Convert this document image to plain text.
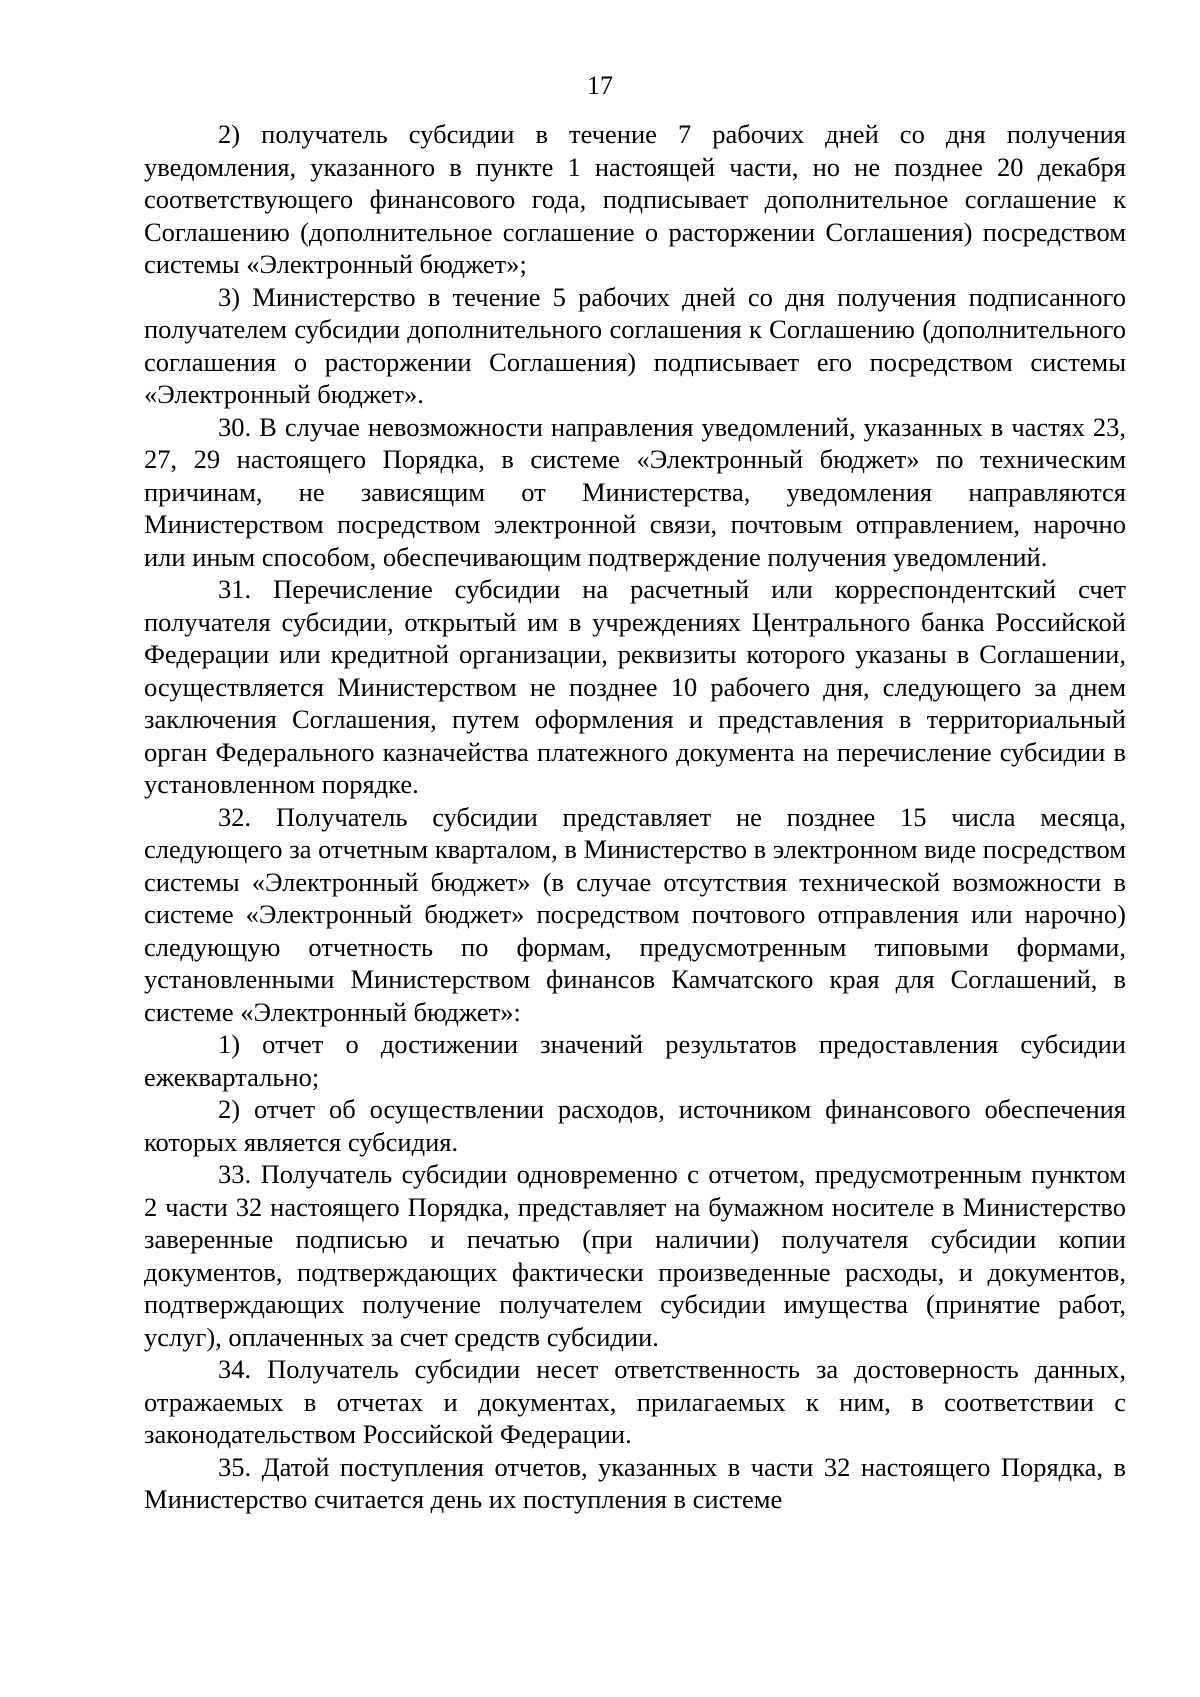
17

2) получатель субсидии в течение 7 рабочих дней со дня получения уведомления, указанного в пункте 1 настоящей части, но не позднее 20 декабря соответствующего финансового года, подписывает дополнительное соглашение к Соглашению (дополнительное соглашение о расторжении Соглашения) посредством системы «Электронный бюджет»;

3) Министерство в течение 5 рабочих дней со дня получения подписанного получателем субсидии дополнительного соглашения к Соглашению (дополнительного соглашения о расторжении Соглашения) подписывает его посредством системы «Электронный бюджет».

30. В случае невозможности направления уведомлений, указанных в частях 23, 27, 29 настоящего Порядка, в системе «Электронный бюджет» по техническим причинам, не зависящим от Министерства, уведомления направляются Министерством посредством электронной связи, почтовым отправлением, нарочно или иным способом, обеспечивающим подтверждение получения уведомлений.

31. Перечисление субсидии на расчетный или корреспондентский счет получателя субсидии, открытый им в учреждениях Центрального банка Российской Федерации или кредитной организации, реквизиты которого указаны в Соглашении, осуществляется Министерством не позднее 10 рабочего дня, следующего за днем заключения Соглашения, путем оформления и представления в территориальный орган Федерального казначейства платежного документа на перечисление субсидии в установленном порядке.

32. Получатель субсидии представляет не позднее 15 числа месяца, следующего за отчетным кварталом, в Министерство в электронном виде посредством системы «Электронный бюджет» (в случае отсутствия технической возможности в системе «Электронный бюджет» посредством почтового отправления или нарочно) следующую отчетность по формам, предусмотренным типовыми формами, установленными Министерством финансов Камчатского края для Соглашений, в системе «Электронный бюджет»:

1) отчет о достижении значений результатов предоставления субсидии ежеквартально;

2) отчет об осуществлении расходов, источником финансового обеспечения которых является субсидия.

33. Получатель субсидии одновременно с отчетом, предусмотренным пунктом 2 части 32 настоящего Порядка, представляет на бумажном носителе в Министерство заверенные подписью и печатью (при наличии) получателя субсидии копии документов, подтверждающих фактически произведенные расходы, и документов, подтверждающих получение получателем субсидии имущества (принятие работ, услуг), оплаченных за счет средств субсидии.

34. Получатель субсидии несет ответственность за достоверность данных, отражаемых в отчетах и документах, прилагаемых к ним, в соответствии с законодательством Российской Федерации.

35. Датой поступления отчетов, указанных в части 32 настоящего Порядка, в Министерство считается день их поступления в системе
